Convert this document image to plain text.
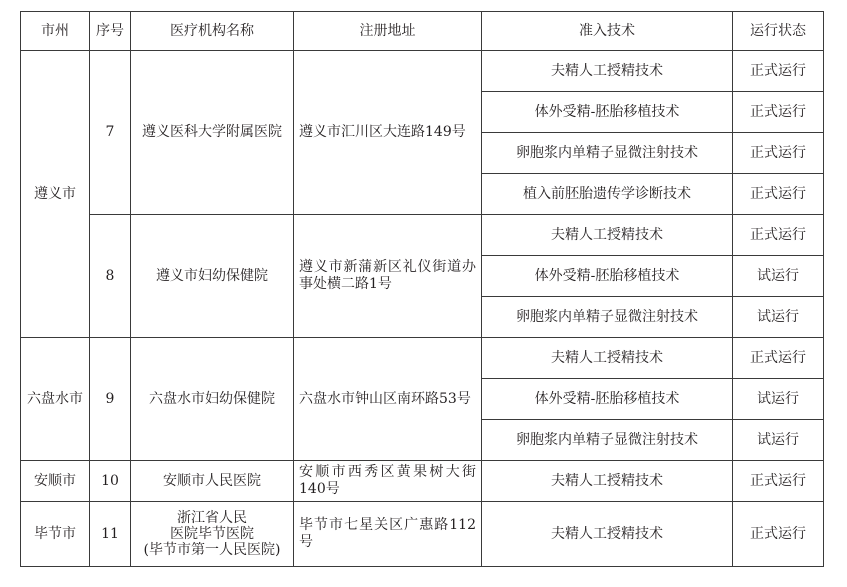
市州	序号	医疗机构名称	注册地址	准入技术	运行状态
遵义市	7	遵义医科大学附属医院	遵义市汇川区大连路149号	夫精人工授精技术	正式运行
				体外受精-胚胎移植技术	正式运行
				卵胞浆内单精子显微注射技术	正式运行
				植入前胚胎遗传学诊断技术	正式运行
	8	遵义市妇幼保健院	遵义市新蒲新区礼仪街道办事处横二路1号	夫精人工授精技术	正式运行
				体外受精-胚胎移植技术	试运行
				卵胞浆内单精子显微注射技术	试运行
六盘水市	9	六盘水市妇幼保健院	六盘水市钟山区南环路53号	夫精人工授精技术	正式运行
				体外受精-胚胎移植技术	试运行
				卵胞浆内单精子显微注射技术	试运行
安顺市	10	安顺市人民医院	安顺市西秀区黄果树大街140号	夫精人工授精技术	正式运行
毕节市	11	浙江省人民
医院毕节医院
(毕节市第一人民医院)	毕节市七星关区广惠路112号	夫精人工授精技术	正式运行
